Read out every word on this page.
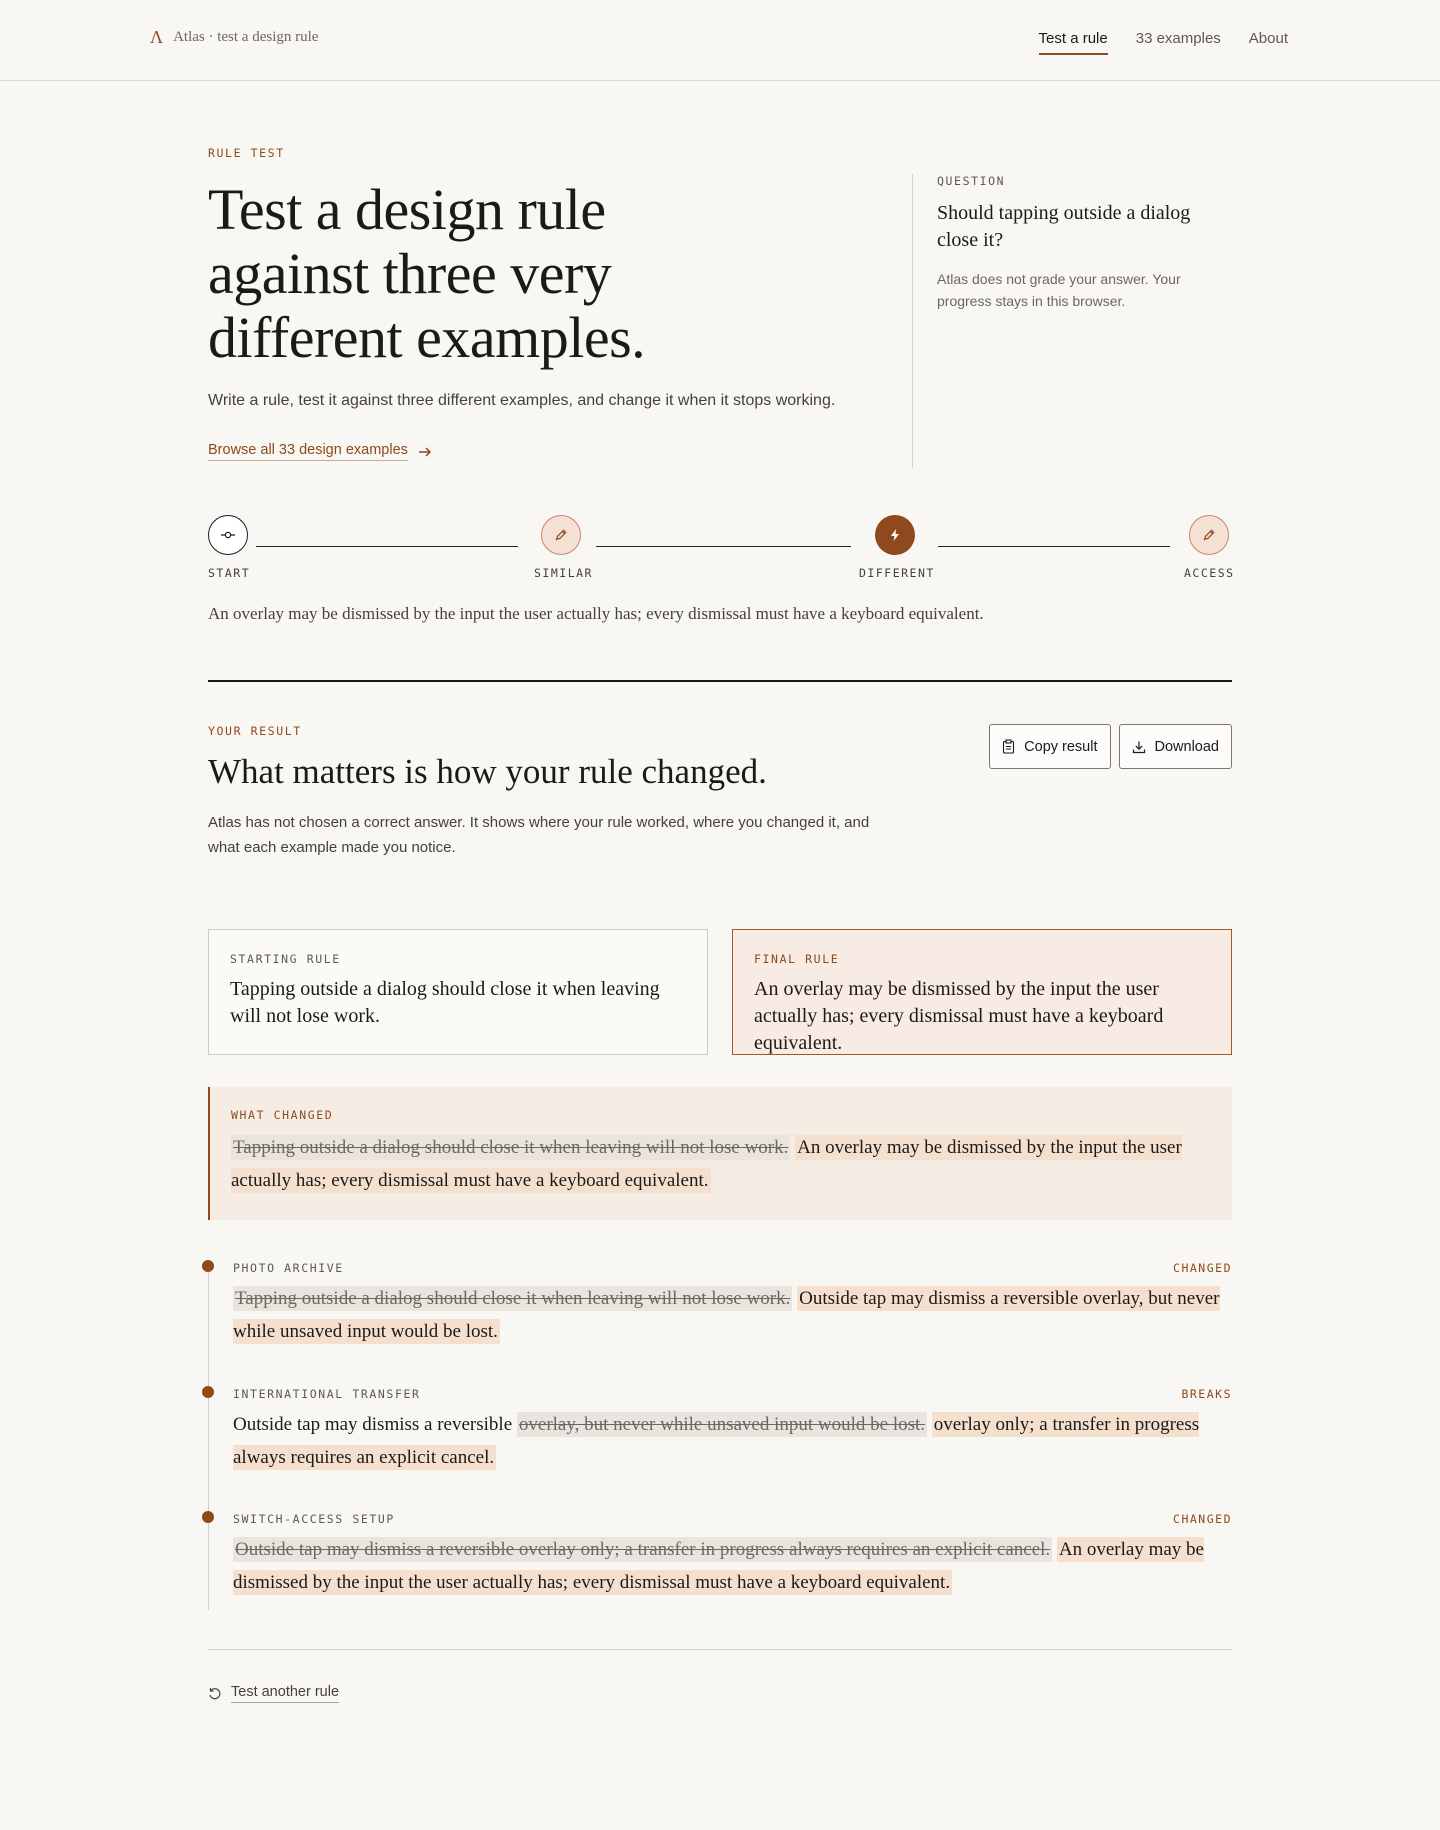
Λ Atlas · test a design rule	Test a rule 33 examples About
RULE TEST
Test a design rule
against three very
different examples.
Write a rule, test it against three different examples, and change it when it stops working.
Browse all 33 design examples
QUESTION
Should tapping outside a dialog close it?
Atlas does not grade your answer. Your progress stays in this browser.
START	SIMILAR	DIFFERENT	ACCESS
An overlay may be dismissed by the input the user actually has; every dismissal must have a keyboard equivalent.
YOUR RESULT
What matters is how your rule changed.

Atlas has not chosen a correct answer. It shows where your rule worked, where you changed it, and what each example made you notice.

Copy result	Download
STARTING RULE
Tapping outside a dialog should close it when leaving will not lose work.
FINAL RULE
An overlay may be dismissed by the input the user actually has; every dismissal must have a keyboard equivalent.
WHAT CHANGED
Tapping outside a dialog should close it when leaving will not lose work. An overlay may be dismissed by the input the user actually has; every dismissal must have a keyboard equivalent.
PHOTO ARCHIVE	CHANGED
Tapping outside a dialog should close it when leaving will not lose work. Outside tap may dismiss a reversible overlay, but never while unsaved input would be lost.
INTERNATIONAL TRANSFER	BREAKS
Outside tap may dismiss a reversible overlay, but never while unsaved input would be lost. overlay only; a transfer in progress always requires an explicit cancel.
SWITCH-ACCESS SETUP	CHANGED
Outside tap may dismiss a reversible overlay only; a transfer in progress always requires an explicit cancel. An overlay may be dismissed by the input the user actually has; every dismissal must have a keyboard equivalent.
Test another rule
